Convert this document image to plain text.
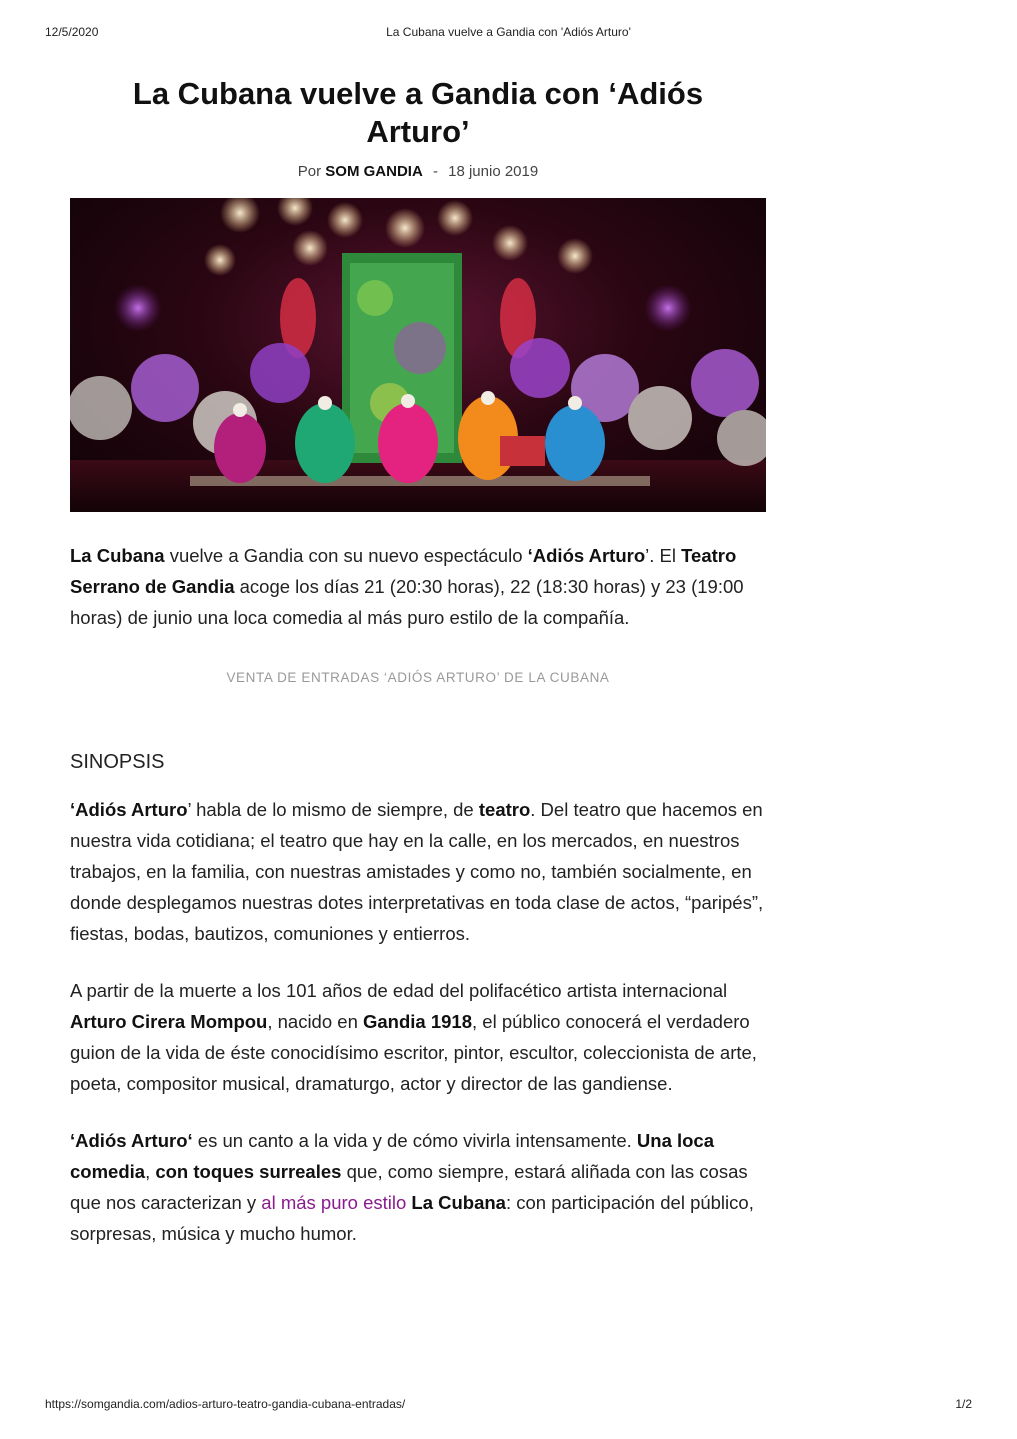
12/5/2020	La Cubana vuelve a Gandia con 'Adiós Arturo'
La Cubana vuelve a Gandia con ‘Adiós Arturo’
Por SOM GANDIA - 18 junio 2019

La Cubana vuelve a Gandia con su nuevo espectáculo ‘Adiós Arturo’. El Teatro Serrano de Gandia acoge los días 21 (20:30 horas), 22 (18:30 horas) y 23 (19:00 horas) de junio una loca comedia al más puro estilo de la compañía.

VENTA DE ENTRADAS ‘ADIÓS ARTURO’ DE LA CUBANA
SINOPSIS

‘Adiós Arturo’ habla de lo mismo de siempre, de teatro. Del teatro que hacemos en nuestra vida cotidiana; el teatro que hay en la calle, en los mercados, en nuestros trabajos, en la familia, con nuestras amistades y como no, también socialmente, en donde desplegamos nuestras dotes interpretativas en toda clase de actos, “paripés”, fiestas, bodas, bautizos, comuniones y entierros.

A partir de la muerte a los 101 años de edad del polifacético artista internacional Arturo Cirera Mompou, nacido en Gandia 1918, el público conocerá el verdadero guion de la vida de éste conocidísimo escritor, pintor, escultor, coleccionista de arte, poeta, compositor musical, dramaturgo, actor y director de las gandiense.

‘Adiós Arturo‘ es un canto a la vida y de cómo vivirla intensamente. Una loca comedia, con toques surreales que, como siempre, estará aliñada con las cosas que nos caracterizan y al más puro estilo La Cubana: con participación del público, sorpresas, música y mucho humor.

https://somgandia.com/adios-arturo-teatro-gandia-cubana-entradas/	1/2
